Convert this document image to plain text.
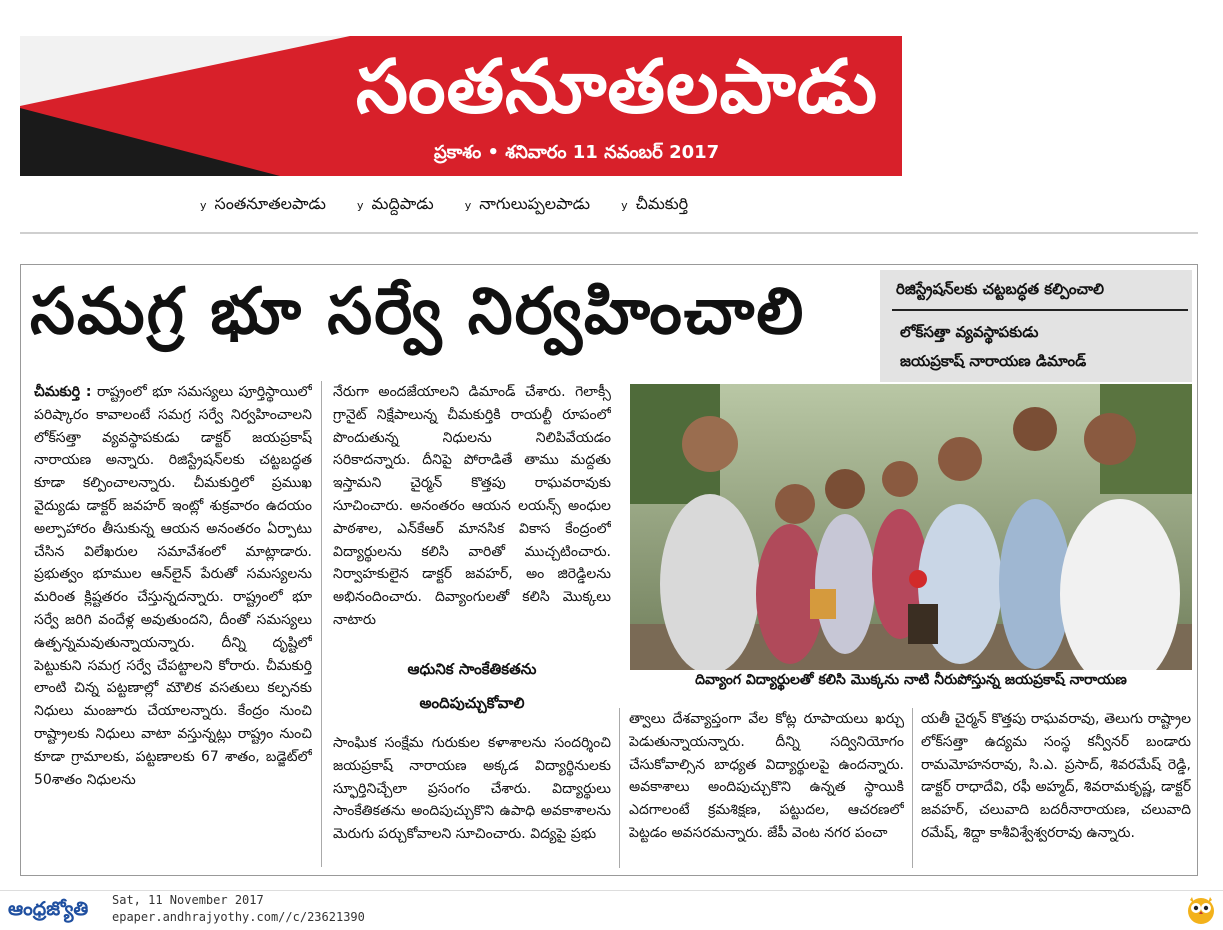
సంతనూతలపాడు
ప్రకాశం • శనివారం 11 నవంబర్ 2017
y సంతనూతలపాడు	y మద్దిపాడు	y నాగులుప్పలపాడు	y చీమకుర్తి
సమగ్ర భూ సర్వే నిర్వహించాలి	రిజిస్ట్రేషన్‌లకు చట్టబద్ధత కల్పించాలి
లోక్‌సత్తా వ్యవస్థాపకుడు
జయప్రకాష్ నారాయణ డిమాండ్
చీమకుర్తి : రాష్ట్రంలో భూ సమస్యలు పూర్తిస్థాయిలో పరిష్కారం కావాలంటే సమగ్ర సర్వే నిర్వహించాలని లోక్‌సత్తా వ్యవస్థాపకుడు డాక్టర్ జయప్రకాష్ నారాయణ అన్నారు. రిజిస్ట్రేషన్‌లకు చట్టబద్ధత కూడా కల్పించాలన్నారు. చీమకుర్తిలో ప్రముఖ వైద్యుడు డాక్టర్ జవహర్ ఇంట్లో శుక్రవారం ఉదయం అల్పాహారం తీసుకున్న ఆయన అనంతరం ఏర్పాటు చేసిన విలేఖరుల సమావేశంలో మాట్లాడారు. ప్రభుత్వం భూముల ఆన్‌లైన్ పేరుతో సమస్యలను మరింత క్లిష్టతరం చేస్తున్నదన్నారు. రాష్ట్రంలో భూ సర్వే జరిగి వందేళ్ల అవుతుందని, దీంతో సమస్యలు ఉత్పన్నమవుతున్నాయన్నారు. దీన్ని దృష్టిలో పెట్టుకుని సమగ్ర సర్వే చేపట్టాలని కోరారు. చీమకుర్తి లాంటి చిన్న పట్టణాల్లో మౌలిక వసతులు కల్పనకు నిధులు మంజూరు చేయాలన్నారు. కేంద్రం నుంచి రాష్ట్రాలకు నిధులు వాటా వస్తున్నట్లు రాష్ట్రం నుంచి కూడా గ్రామాలకు, పట్టణాలకు 67 శాతం, బడ్జెట్‌లో 50శాతం నిధులను
నేరుగా అందజేయాలని డిమాండ్ చేశారు. గెలాక్సీ గ్రానైట్ నిక్షేపాలున్న చీమకుర్తికి రాయల్టీ రూపంలో పొందుతున్న నిధులను నిలిపివేయడం సరికాదన్నారు. దీనిపై పోరాడితే తాము మద్దతు ఇస్తామని చైర్మన్ కొత్తపు రాఘవరావుకు సూచించారు. అనంతరం ఆయన లయన్స్ అంధుల పాఠశాల, ఎన్‌కేఆర్ మానసిక వికాస కేంద్రంలో విద్యార్థులను కలిసి వారితో ముచ్చటించారు. నిర్వాహకులైన డాక్టర్ జవహర్, అం జిరెడ్డిలను అభినందించారు. దివ్యాంగులతో కలిసి మొక్కలు నాటారు
ఆధునిక సాంకేతికతను
అందిపుచ్చుకోవాలి
సాంఘిక సంక్షేమ గురుకుల కళాశాలను సందర్శించి జయప్రకాష్ నారాయణ అక్కడ విద్యార్థినులకు స్ఫూర్తినిచ్చేలా ప్రసంగం చేశారు. విద్యార్థులు సాంకేతికతను అందిపుచ్చుకొని ఉపాధి అవకాశాలను మెరుగు పర్చుకోవాలని సూచించారు. విద్యపై ప్రభు
దివ్యాంగ విద్యార్థులతో కలిసి మొక్కను నాటి నీరుపోస్తున్న జయప్రకాష్ నారాయణ
త్వాలు దేశవ్యాప్తంగా వేల కోట్ల రూపాయలు ఖర్చు పెడుతున్నాయన్నారు. దీన్ని సద్వినియోగం చేసుకోవాల్సిన బాధ్యత విద్యార్థులపై ఉందన్నారు. అవకాశాలు అందిపుచ్చుకొని ఉన్నత స్థాయికి ఎదగాలంటే క్రమశిక్షణ, పట్టుదల, ఆచరణలో పెట్టడం అవసరమన్నారు. జేపీ వెంట నగర పంచా
యతీ చైర్మన్ కొత్తపు రాఘవరావు, తెలుగు రాష్ట్రాల లోక్‌సత్తా ఉద్యమ సంస్థ కన్వీనర్ బండారు రామమోహనరావు, సి.ఎ. ప్రసాద్, శివరమేష్ రెడ్డి, డాక్టర్ రాధాదేవి, రఫీ అహ్మద్, శివరామకృష్ణ, డాక్టర్ జవహర్, చలువాది బదరీనారాయణ, చలువాది రమేష్, శిద్దా కాశీవిశ్వేశ్వరరావు ఉన్నారు.
ఆంధ్రజ్యోతి Sat, 11 November 2017
epaper.andhrajyothy.com//c/23621390
